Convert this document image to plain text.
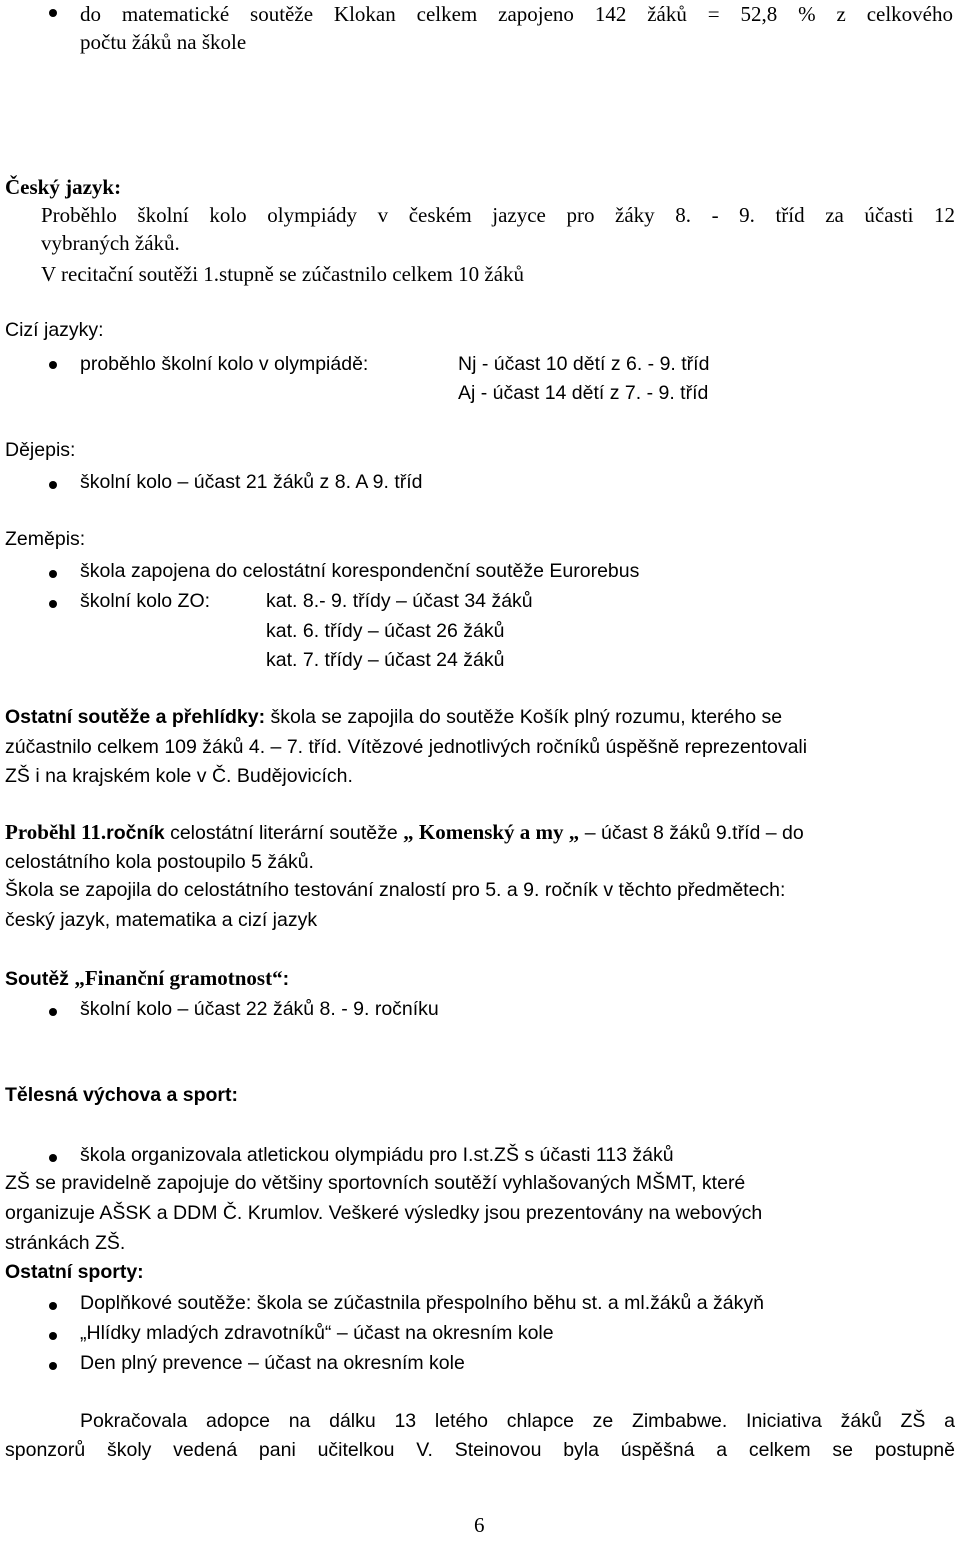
do matematické soutěže Klokan celkem zapojeno 142 žáků = 52,8 % z celkového
počtu žáků na škole
Český jazyk:
Proběhlo školní kolo olympiády v českém jazyce pro žáky 8. - 9. tříd za účasti 12
vybraných žáků.
V recitační soutěži 1.stupně se zúčastnilo celkem 10 žáků
Cizí jazyky:
proběhlo školní kolo v olympiádě:	Nj - účast 10 dětí z 6. - 9. tříd
Aj - účast 14 dětí z 7. - 9. tříd
Dějepis:
školní kolo – účast 21 žáků z 8. A 9. tříd
Zeměpis:
škola zapojena do celostátní korespondenční soutěže Eurorebus
školní kolo ZO:	kat. 8.- 9. třídy – účast 34 žáků
kat. 6. třídy – účast 26 žáků
kat. 7. třídy – účast 24 žáků
Ostatní soutěže a přehlídky: škola se zapojila do soutěže Košík plný rozumu, kterého se
zúčastnilo celkem 109 žáků 4. – 7. tříd. Vítězové jednotlivých ročníků úspěšně reprezentovali
ZŠ i na krajském kole v Č. Budějovicích.
Proběhl 11.ročník celostátní literární soutěže „ Komenský a my „ – účast 8 žáků 9.tříd – do
celostátního kola postoupilo 5 žáků.
Škola se zapojila do celostátního testování znalostí pro 5. a 9. ročník v těchto předmětech:
český jazyk, matematika a cizí jazyk
Soutěž „Finanční gramotnost“:
školní kolo – účast 22 žáků 8. - 9. ročníku
Tělesná výchova a sport:
škola organizovala atletickou olympiádu pro I.st.ZŠ s účasti 113 žáků
ZŠ se pravidelně zapojuje do většiny sportovních soutěží vyhlašovaných MŠMT, které
organizuje AŠSK a DDM Č. Krumlov. Veškeré výsledky jsou prezentovány na webových
stránkách ZŠ.
Ostatní sporty:
Doplňkové soutěže: škola se zúčastnila přespolního běhu st. a ml.žáků a žákyň
„Hlídky mladých zdravotníků“ – účast na okresním kole
Den plný prevence – účast na okresním kole
Pokračovala adopce na dálku 13 letého chlapce ze Zimbabwe. Iniciativa žáků ZŠ a
sponzorů školy vedená pani učitelkou V. Steinovou byla úspěšná a celkem se postupně
6
